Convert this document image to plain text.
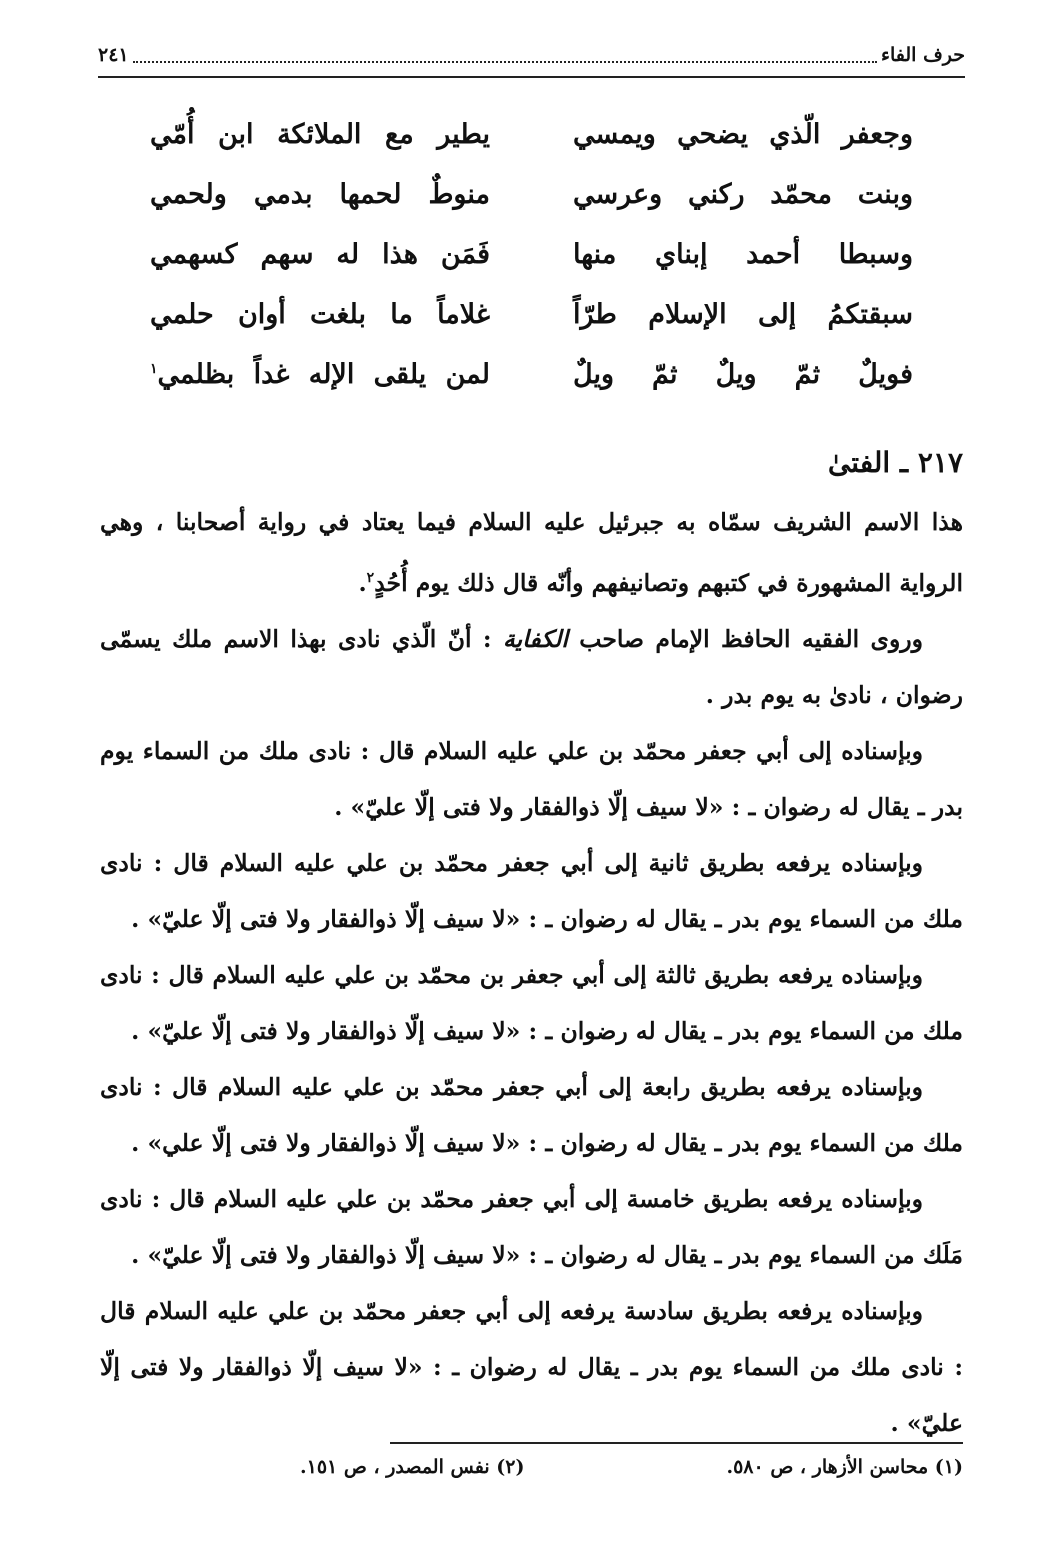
حرف الفاء
٢٤١
وجعفر الّذي يضحي ويمسي
يطير مع الملائكة ابن أُمّي
وبنت محمّد ركني وعرسي
منوطٌ لحمها بدمي ولحمي
وسبطا أحمد إبناي منها
فَمَن هذا له سهم كسهمي
سبقتكمُ إلى الإسلام طرّاً
غلاماً ما بلغت أوان حلمي
فويلٌ ثمّ ويلٌ ثمّ ويلٌ
لمن يلقى الإله غداً بظلمي$^١$
٢١٧ ـ الفتىٰ

هذا الاسم الشريف سمّاه به جبرئيل عليه السلام فيما يعتاد في رواية أصحابنا ، وهي الرواية المشهورة في كتبهم وتصانيفهم وأنّه قال ذلك يوم أُحُدٍ$^٢$.

وروى الفقيه الحافظ الإمام صاحب الكفاية : أنّ الّذي نادى بهذا الاسم ملك يسمّى رضوان ، نادىٰ به يوم بدر .

وبإسناده إلى أبي جعفر محمّد بن علي عليه السلام قال : نادى ملك من السماء يوم بدر ـ يقال له رضوان ـ : «لا سيف إلّا ذوالفقار ولا فتى إلّا عليّ» .

وبإسناده يرفعه بطريق ثانية إلى أبي جعفر محمّد بن علي عليه السلام قال : نادى ملك من السماء يوم بدر ـ يقال له رضوان ـ : «لا سيف إلّا ذوالفقار ولا فتى إلّا عليّ» .

وبإسناده يرفعه بطريق ثالثة إلى أبي جعفر بن محمّد بن علي عليه السلام قال : نادى ملك من السماء يوم بدر ـ يقال له رضوان ـ : «لا سيف إلّا ذوالفقار ولا فتى إلّا عليّ» .

وبإسناده يرفعه بطريق رابعة إلى أبي جعفر محمّد بن علي عليه السلام قال : نادى ملك من السماء يوم بدر ـ يقال له رضوان ـ : «لا سيف إلّا ذوالفقار ولا فتى إلّا علي» .

وبإسناده يرفعه بطريق خامسة إلى أبي جعفر محمّد بن علي عليه السلام قال : نادى مَلَك من السماء يوم بدر ـ يقال له رضوان ـ : «لا سيف إلّا ذوالفقار ولا فتى إلّا عليّ» .

وبإسناده يرفعه بطريق سادسة يرفعه إلى أبي جعفر محمّد بن علي عليه السلام قال : نادى ملك من السماء يوم بدر ـ يقال له رضوان ـ : «لا سيف إلّا ذوالفقار ولا فتى إلّا عليّ» .

(١) محاسن الأزهار ، ص ٥٨٠.
(٢) نفس المصدر ، ص ١٥١.
